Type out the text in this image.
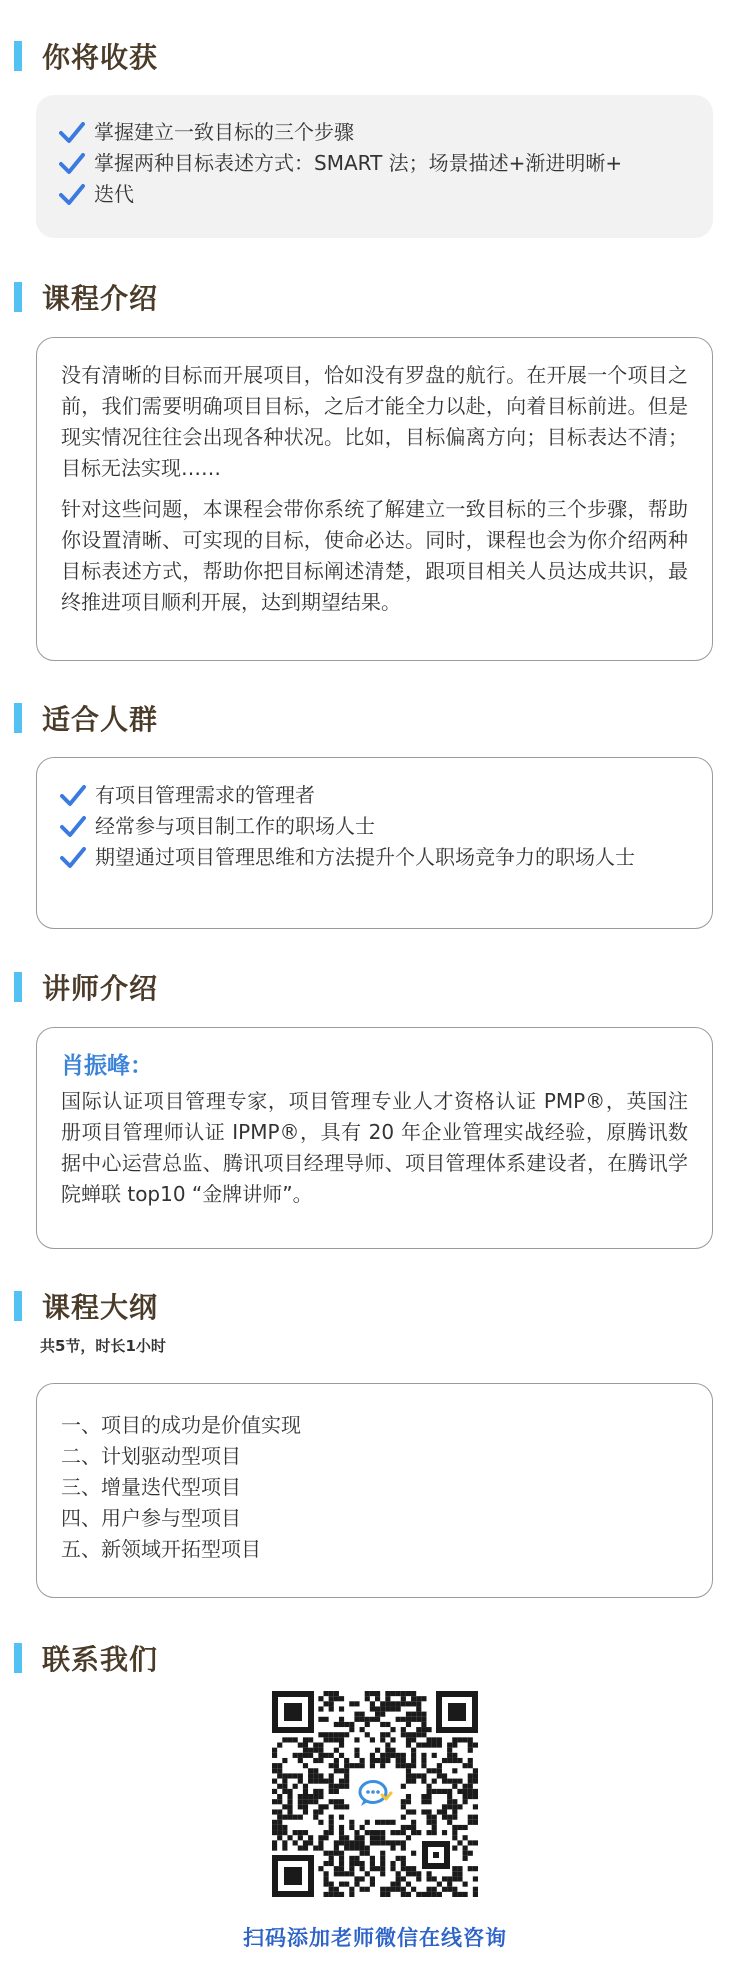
你将收获
掌握建立一致目标的三个步骤
掌握两种目标表述方式：SMART 法；场景描述+渐进明晰+
迭代
课程介绍

没有清晰的目标而开展项目，恰如没有罗盘的航行。在开展一个项目之前，我们需要明确项目目标，之后才能全力以赴，向着目标前进。但是现实情况往往会出现各种状况。比如，目标偏离方向；目标表达不清；目标无法实现……

针对这些问题，本课程会带你系统了解建立一致目标的三个步骤，帮助你设置清晰、可实现的目标，使命必达。同时，课程也会为你介绍两种目标表述方式，帮助你把目标阐述清楚，跟项目相关人员达成共识，最终推进项目顺利开展，达到期望结果。

适合人群
有项目管理需求的管理者
经常参与项目制工作的职场人士
期望通过项目管理思维和方法提升个人职场竞争力的职场人士
讲师介绍
肖振峰：

国际认证项目管理专家，项目管理专业人才资格认证 PMP®，英国注册项目管理师认证 IPMP®，具有 20 年企业管理实战经验，原腾讯数据中心运营总监、腾讯项目经理导师、项目管理体系建设者，在腾讯学院蝉联 top10 “金牌讲师”。

课程大纲
共5节，时长1小时
一、项目的成功是价值实现
二、计划驱动型项目
三、增量迭代型项目
四、用户参与型项目
五、新领域开拓型项目
联系我们
扫码添加老师微信在线咨询
